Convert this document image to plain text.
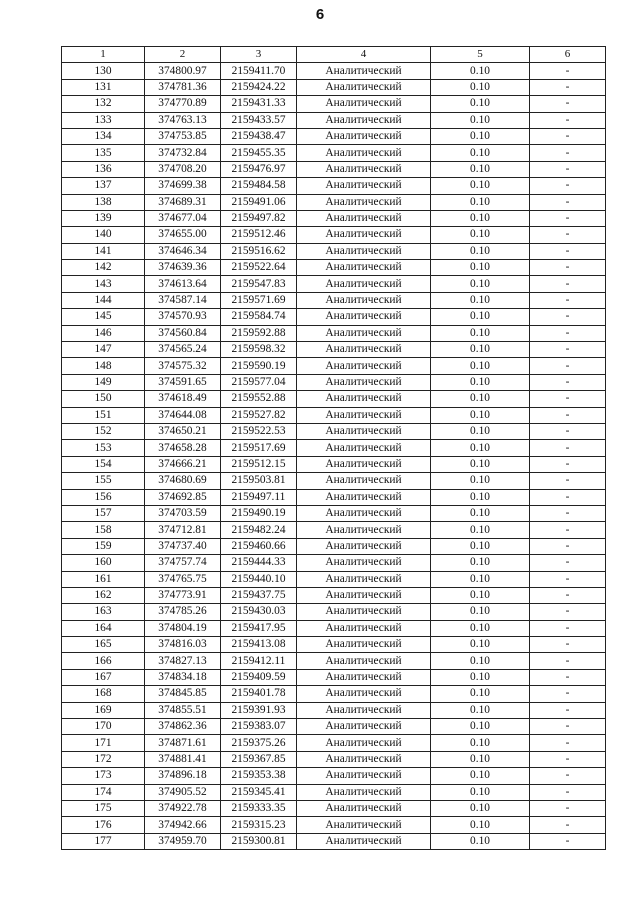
6
1	2	3	4	5	6
130	374800.97	2159411.70	Аналитический	0.10	-
131	374781.36	2159424.22	Аналитический	0.10	-
132	374770.89	2159431.33	Аналитический	0.10	-
133	374763.13	2159433.57	Аналитический	0.10	-
134	374753.85	2159438.47	Аналитический	0.10	-
135	374732.84	2159455.35	Аналитический	0.10	-
136	374708.20	2159476.97	Аналитический	0.10	-
137	374699.38	2159484.58	Аналитический	0.10	-
138	374689.31	2159491.06	Аналитический	0.10	-
139	374677.04	2159497.82	Аналитический	0.10	-
140	374655.00	2159512.46	Аналитический	0.10	-
141	374646.34	2159516.62	Аналитический	0.10	-
142	374639.36	2159522.64	Аналитический	0.10	-
143	374613.64	2159547.83	Аналитический	0.10	-
144	374587.14	2159571.69	Аналитический	0.10	-
145	374570.93	2159584.74	Аналитический	0.10	-
146	374560.84	2159592.88	Аналитический	0.10	-
147	374565.24	2159598.32	Аналитический	0.10	-
148	374575.32	2159590.19	Аналитический	0.10	-
149	374591.65	2159577.04	Аналитический	0.10	-
150	374618.49	2159552.88	Аналитический	0.10	-
151	374644.08	2159527.82	Аналитический	0.10	-
152	374650.21	2159522.53	Аналитический	0.10	-
153	374658.28	2159517.69	Аналитический	0.10	-
154	374666.21	2159512.15	Аналитический	0.10	-
155	374680.69	2159503.81	Аналитический	0.10	-
156	374692.85	2159497.11	Аналитический	0.10	-
157	374703.59	2159490.19	Аналитический	0.10	-
158	374712.81	2159482.24	Аналитический	0.10	-
159	374737.40	2159460.66	Аналитический	0.10	-
160	374757.74	2159444.33	Аналитический	0.10	-
161	374765.75	2159440.10	Аналитический	0.10	-
162	374773.91	2159437.75	Аналитический	0.10	-
163	374785.26	2159430.03	Аналитический	0.10	-
164	374804.19	2159417.95	Аналитический	0.10	-
165	374816.03	2159413.08	Аналитический	0.10	-
166	374827.13	2159412.11	Аналитический	0.10	-
167	374834.18	2159409.59	Аналитический	0.10	-
168	374845.85	2159401.78	Аналитический	0.10	-
169	374855.51	2159391.93	Аналитический	0.10	-
170	374862.36	2159383.07	Аналитический	0.10	-
171	374871.61	2159375.26	Аналитический	0.10	-
172	374881.41	2159367.85	Аналитический	0.10	-
173	374896.18	2159353.38	Аналитический	0.10	-
174	374905.52	2159345.41	Аналитический	0.10	-
175	374922.78	2159333.35	Аналитический	0.10	-
176	374942.66	2159315.23	Аналитический	0.10	-
177	374959.70	2159300.81	Аналитический	0.10	-
